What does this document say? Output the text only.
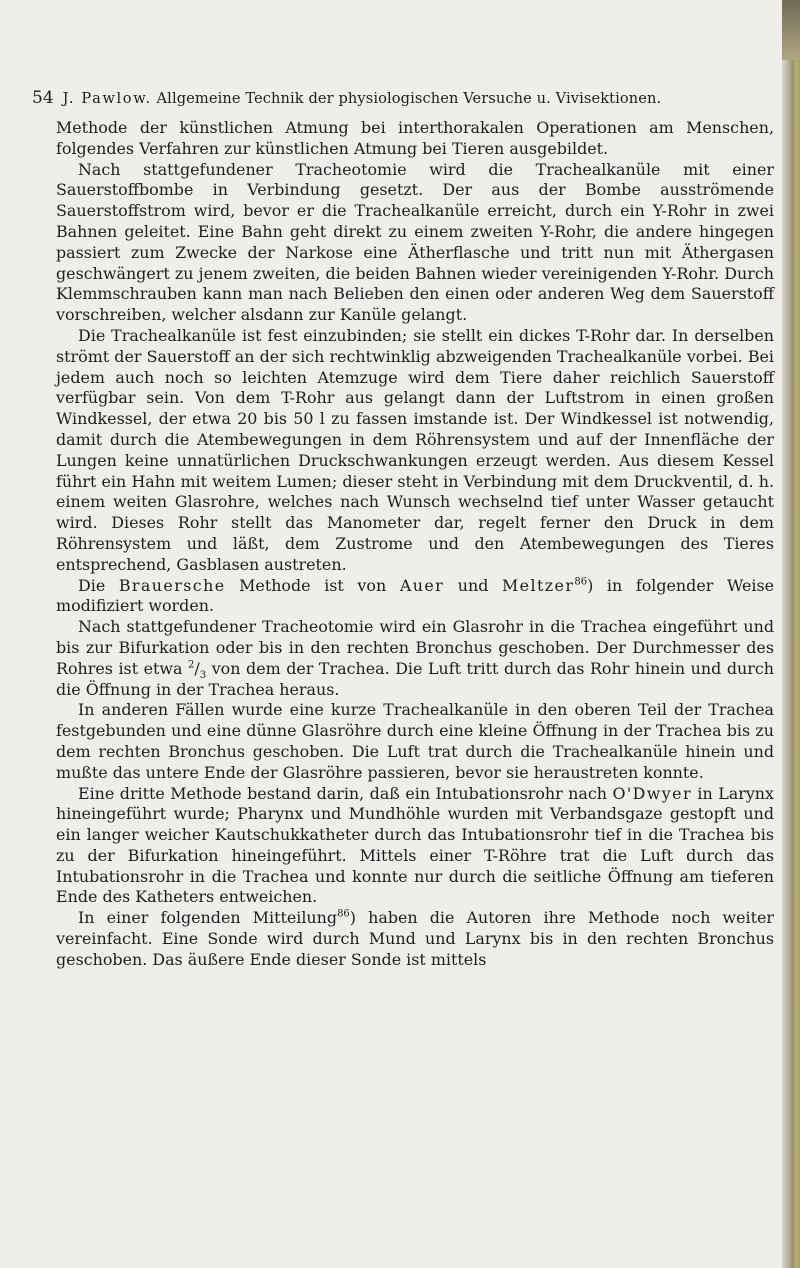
54 J. Pawlow. Allgemeine Technik der physiologischen Versuche u. Vivisektionen.

Methode der künstlichen Atmung bei interthorakalen Operationen am Menschen, folgendes Verfahren zur künstlichen Atmung bei Tieren ausgebildet.

Nach stattgefundener Tracheotomie wird die Trachealkanüle mit einer Sauerstoffbombe in Verbindung gesetzt. Der aus der Bombe ausströmende Sauerstoffstrom wird, bevor er die Trachealkanüle erreicht, durch ein Y-Rohr in zwei Bahnen geleitet. Eine Bahn geht direkt zu einem zweiten Y-Rohr, die andere hingegen passiert zum Zwecke der Narkose eine Ätherflasche und tritt nun mit Äthergasen geschwängert zu jenem zweiten, die beiden Bahnen wieder vereinigenden Y-Rohr. Durch Klemmschrauben kann man nach Belieben den einen oder anderen Weg dem Sauerstoff vorschreiben, welcher alsdann zur Kanüle gelangt.

Die Trachealkanüle ist fest einzubinden; sie stellt ein dickes T-Rohr dar. In derselben strömt der Sauerstoff an der sich rechtwinklig abzweigenden Trachealkanüle vorbei. Bei jedem auch noch so leichten Atemzuge wird dem Tiere daher reichlich Sauerstoff verfügbar sein. Von dem T-Rohr aus gelangt dann der Luftstrom in einen großen Windkessel, der etwa 20 bis 50 l zu fassen imstande ist. Der Windkessel ist notwendig, damit durch die Atembewegungen in dem Röhrensystem und auf der Innenfläche der Lungen keine unnatürlichen Druckschwankungen erzeugt werden. Aus diesem Kessel führt ein Hahn mit weitem Lumen; dieser steht in Verbindung mit dem Druckventil, d. h. einem weiten Glasrohre, welches nach Wunsch wechselnd tief unter Wasser getaucht wird. Dieses Rohr stellt das Manometer dar, regelt ferner den Druck in dem Röhrensystem und läßt, dem Zustrome und den Atembewegungen des Tieres entsprechend, Gasblasen austreten.

Die Brauersche Methode ist von Auer und Meltzer$^{86}$) in folgender Weise modifiziert worden.

Nach stattgefundener Tracheotomie wird ein Glasrohr in die Trachea eingeführt und bis zur Bifurkation oder bis in den rechten Bronchus geschoben. Der Durchmesser des Rohres ist etwa $^2/_3$ von dem der Trachea. Die Luft tritt durch das Rohr hinein und durch die Öffnung in der Trachea heraus.

In anderen Fällen wurde eine kurze Trachealkanüle in den oberen Teil der Trachea festgebunden und eine dünne Glasröhre durch eine kleine Öffnung in der Trachea bis zu dem rechten Bronchus geschoben. Die Luft trat durch die Trachealkanüle hinein und mußte das untere Ende der Glasröhre passieren, bevor sie heraustreten konnte.

Eine dritte Methode bestand darin, daß ein Intubationsrohr nach O'Dwyer in Larynx hineingeführt wurde; Pharynx und Mundhöhle wurden mit Verbandsgaze gestopft und ein langer weicher Kautschukkatheter durch das Intubationsrohr tief in die Trachea bis zu der Bifurkation hineingeführt. Mittels einer T-Röhre trat die Luft durch das Intubationsrohr in die Trachea und konnte nur durch die seitliche Öffnung am tieferen Ende des Katheters entweichen.

In einer folgenden Mitteilung$^{86}$) haben die Autoren ihre Methode noch weiter vereinfacht. Eine Sonde wird durch Mund und Larynx bis in den rechten Bronchus geschoben. Das äußere Ende dieser Sonde ist mittels
